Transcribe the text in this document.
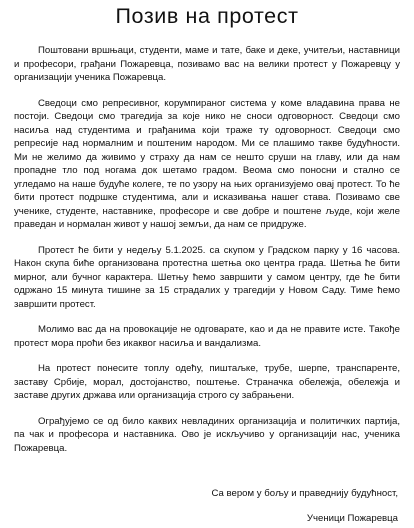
Позив на протест

Поштовани вршњаци, студенти, маме и тате, баке и деке, учитељи, наставници и професори, грађани Пожаревца, позивамо вас на велики протест у Пожаревцу у организацији ученика Пожаревца.

Сведоци смо репресивног, корумпираног система у коме владавина права не постоји. Сведоци смо трагедија за које нико не сноси одговорност. Сведоци смо насиља над студентима и грађанима који траже ту одговорност. Сведоци смо репресије над нормалним и поштеним народом. Ми се плашимо такве будућности. Ми не желимо да живимо у страху да нам се нешто сруши на главу, или да нам пропадне тло под ногама док шетамо градом. Веома смо поносни и стално се угледамо на наше будуће колеге, те по узору на њих организујемо овај протест. То ће бити протест подршке студентима, али и исказивања нашег става. Позивамо све ученике, студенте, наставнике, професоре и све добре и поштене људе, који желе праведан и нормалан живот у нашој земљи, да нам се придруже.

Протест ће бити у недељу 5.1.2025. са скупом у Градском парку у 16 часова. Након скупа биће организована протестна шетња око центра града. Шетња ће бити мирног, али бучног карактера. Шетњу ћемо завршити у самом центру, где ће бити одржано 15 минута тишине за 15 страдалих у трагедији у Новом Саду. Тиме ћемо завршити протест.

Молимо вас да на провокације не одговарате, као и да не правите исте. Такође протест мора проћи без икаквог насиља и вандализма.

На протест понесите топлу одећу, пиштаљке, трубе, шерпе, транспаренте, заставу Србије, морал, достојанство, поштење. Страначка обележја, обележја и заставе других држава или организација строго су забрањени.

Ограђујемо се од било каквих невладиних организација и политичких партија, па чак и професора и наставника. Ово је искључиво у организацији нас, ученика Пожаревца.

Са вером у бољу и праведнију будућност,
Ученици Пожаревца
